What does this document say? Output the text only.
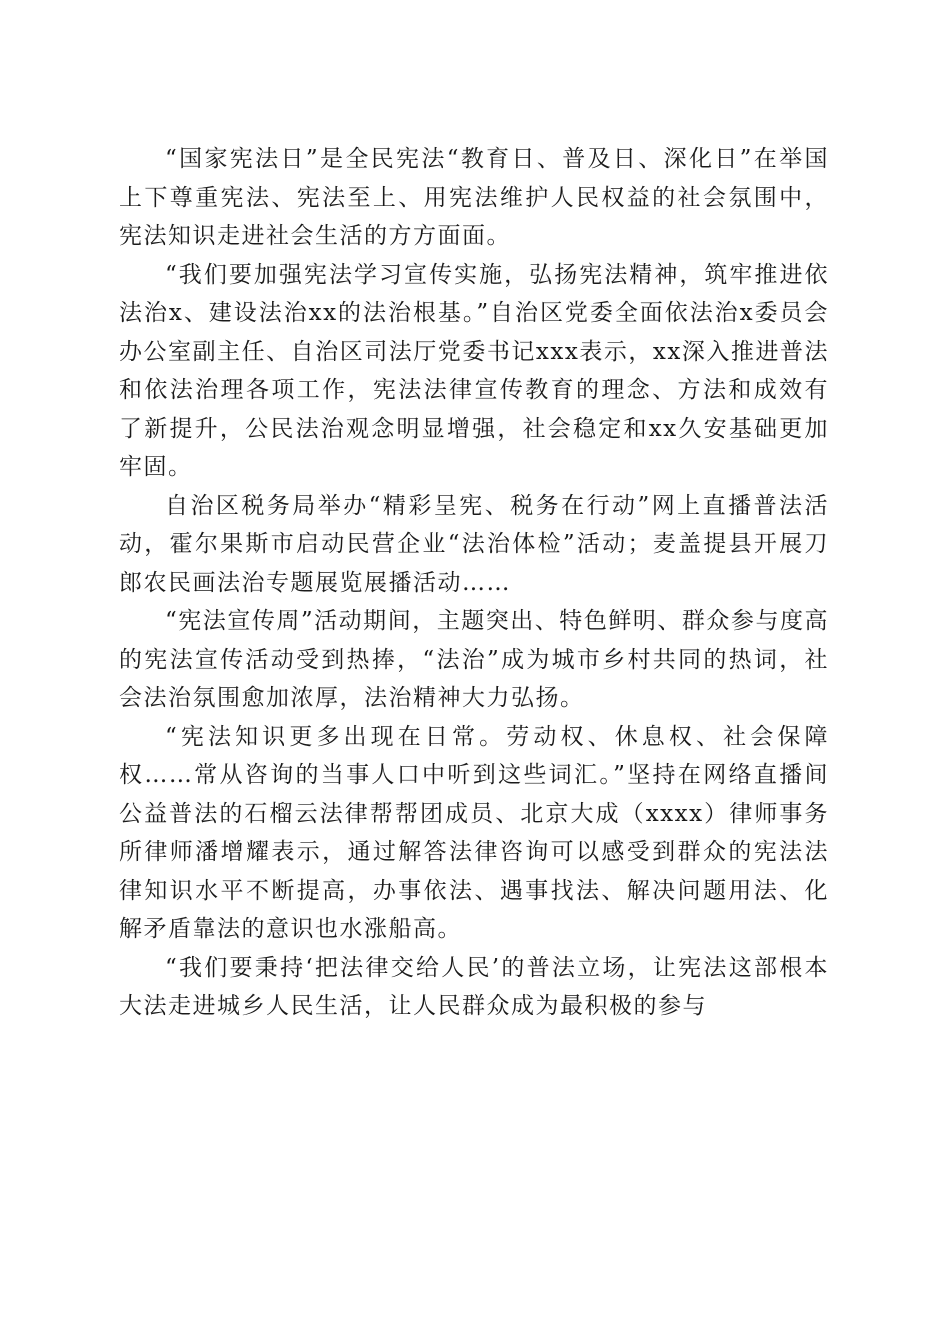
“国家宪法日”是全民宪法“教育日、普及日、深化日”在举国上下尊重宪法、宪法至上、用宪法维护人民权益的社会氛围中，宪法知识走进社会生活的方方面面。

“我们要加强宪法学习宣传实施，弘扬宪法精神，筑牢推进依法治x、建设法治xx的法治根基。”自治区党委全面依法治x委员会办公室副主任、自治区司法厅党委书记xxx表示，xx深入推进普法和依法治理各项工作，宪法法律宣传教育的理念、方法和成效有了新提升，公民法治观念明显增强，社会稳定和xx久安基础更加牢固。

自治区税务局举办“精彩呈宪、税务在行动”网上直播普法活动，霍尔果斯市启动民营企业“法治体检”活动；麦盖提县开展刀郎农民画法治专题展览展播活动……

“宪法宣传周”活动期间，主题突出、特色鲜明、群众参与度高的宪法宣传活动受到热捧，“法治”成为城市乡村共同的热词，社会法治氛围愈加浓厚，法治精神大力弘扬。

“宪法知识更多出现在日常。劳动权、休息权、社会保障权……常从咨询的当事人口中听到这些词汇。”坚持在网络直播间公益普法的石榴云法律帮帮团成员、北京大成（xxxx）律师事务所律师潘增耀表示，通过解答法律咨询可以感受到群众的宪法法律知识水平不断提高，办事依法、遇事找法、解决问题用法、化解矛盾靠法的意识也水涨船高。

“我们要秉持‘把法律交给人民’的普法立场，让宪法这部根本大法走进城乡人民生活，让人民群众成为最积极的参与
